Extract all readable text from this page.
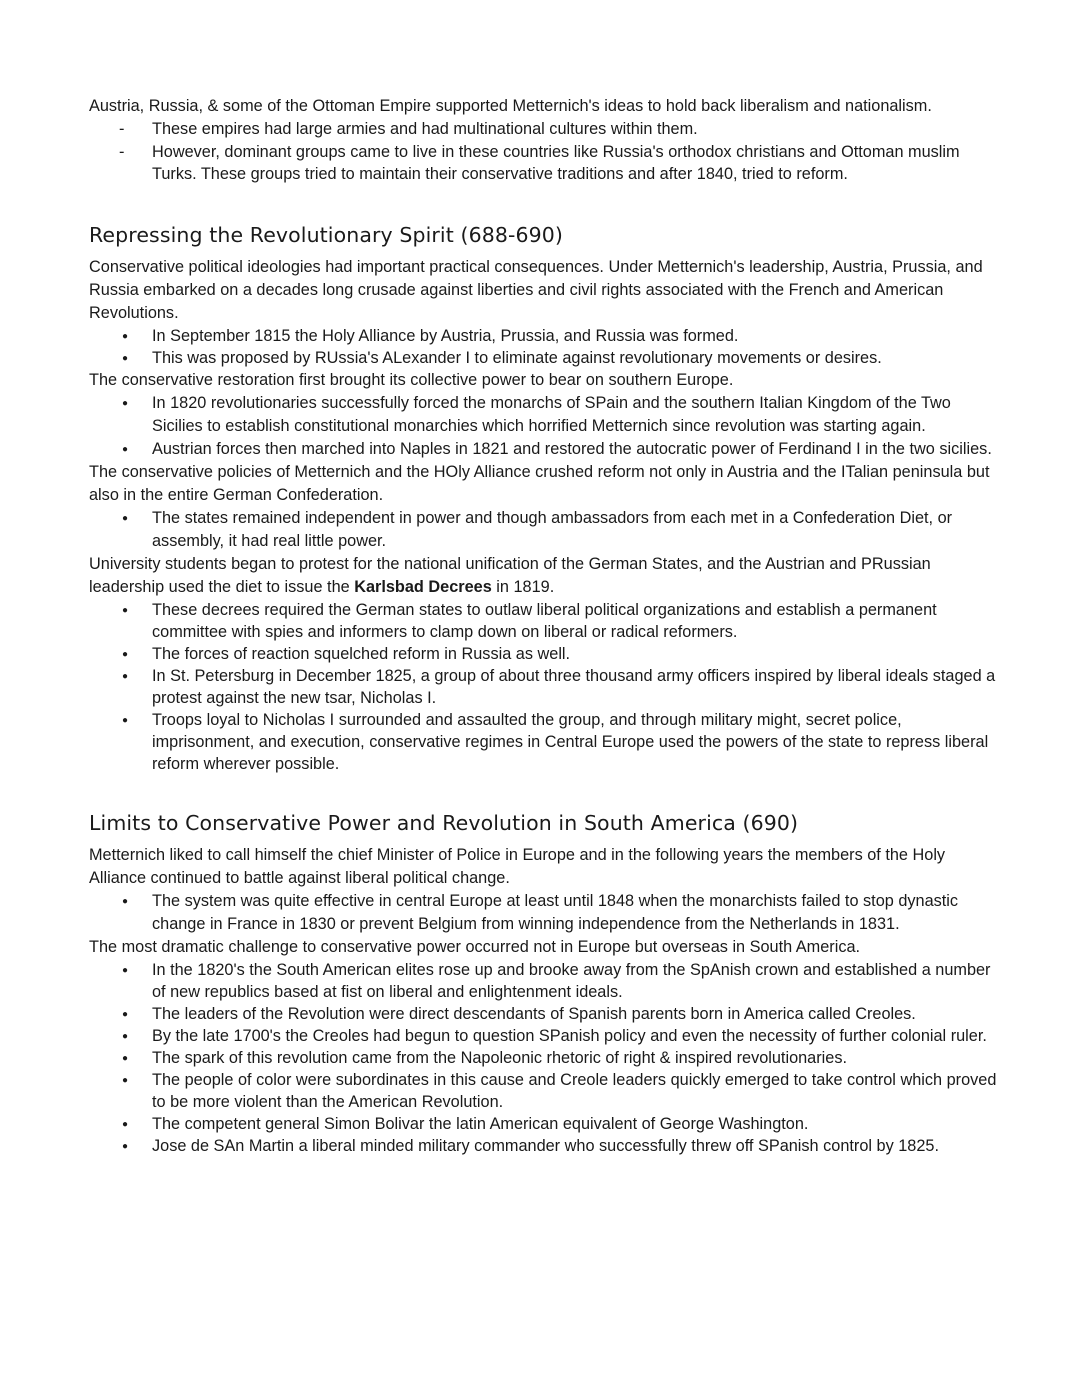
Austria, Russia, & some of the Ottoman Empire supported Metternich's ideas to hold back liberalism and nationalism.

- These empires had large armies and had multinational cultures within them.
- However, dominant groups came to live in these countries like Russia's orthodox christians and Ottoman muslim Turks. These groups tried to maintain their conservative traditions and after 1840, tried to reform.
Repressing the Revolutionary Spirit (688-690)

Conservative political ideologies had important practical consequences. Under Metternich's leadership, Austria, Prussia, and Russia embarked on a decades long crusade against liberties and civil rights associated with the French and American Revolutions.

● In September 1815 the Holy Alliance by Austria, Prussia, and Russia was formed.
● This was proposed by RUssia's ALexander I to eliminate against revolutionary movements or desires.

The conservative restoration first brought its collective power to bear on southern Europe.

● In 1820 revolutionaries successfully forced the monarchs of SPain and the southern Italian Kingdom of the Two Sicilies to establish constitutional monarchies which horrified Metternich since revolution was starting again.
● Austrian forces then marched into Naples in 1821 and restored the autocratic power of Ferdinand I in the two sicilies.

The conservative policies of Metternich and the HOly Alliance crushed reform not only in Austria and the ITalian peninsula but also in the entire German Confederation.

● The states remained independent in power and though ambassadors from each met in a Confederation Diet, or assembly, it had real little power.

University students began to protest for the national unification of the German States, and the Austrian and PRussian leadership used the diet to issue the Karlsbad Decrees in 1819.

● These decrees required the German states to outlaw liberal political organizations and establish a permanent committee with spies and informers to clamp down on liberal or radical reformers.
● The forces of reaction squelched reform in Russia as well.
● In St. Petersburg in December 1825, a group of about three thousand army officers inspired by liberal ideals staged a protest against the new tsar, Nicholas I.
● Troops loyal to Nicholas I surrounded and assaulted the group, and through military might, secret police, imprisonment, and execution, conservative regimes in Central Europe used the powers of the state to repress liberal reform wherever possible.
Limits to Conservative Power and Revolution in South America (690)

Metternich liked to call himself the chief Minister of Police in Europe and in the following years the members of the Holy Alliance continued to battle against liberal political change.

● The system was quite effective in central Europe at least until 1848 when the monarchists failed to stop dynastic change in France in 1830 or prevent Belgium from winning independence from the Netherlands in 1831.

The most dramatic challenge to conservative power occurred not in Europe but overseas in South America.

● In the 1820's the South American elites rose up and brooke away from the SpAnish crown and established a number of new republics based at fist on liberal and enlightenment ideals.
● The leaders of the Revolution were direct descendants of Spanish parents born in America called Creoles.
● By the late 1700's the Creoles had begun to question SPanish policy and even the necessity of further colonial ruler.
● The spark of this revolution came from the Napoleonic rhetoric of right & inspired revolutionaries.
● The people of color were subordinates in this cause and Creole leaders quickly emerged to take control which proved to be more violent than the American Revolution.
● The competent general Simon Bolivar the latin American equivalent of George Washington.
● Jose de SAn Martin a liberal minded military commander who successfully threw off SPanish control by 1825.
